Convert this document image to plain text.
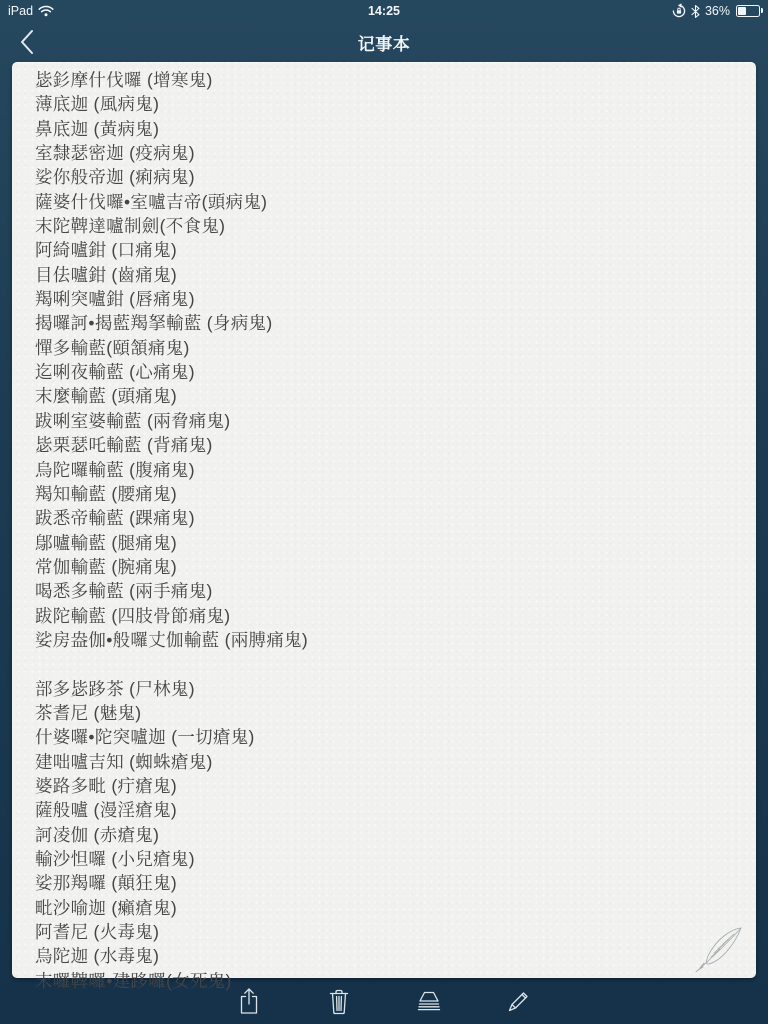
iPad	14:25	36%
记事本
毖釤摩什伐囉 (增寒鬼)
薄底迦 (風病鬼)
鼻底迦 (黃病鬼)
室隸瑟密迦 (疫病鬼)
娑你般帝迦 (痢病鬼)
薩婆什伐囉•室嚧吉帝(頭病鬼)
末陀鞞達嚧制劍(不食鬼)
阿綺嚧鉗 (口痛鬼)
目佉嚧鉗 (齒痛鬼)
羯唎突嚧鉗 (唇痛鬼)
揭囉訶•揭藍羯拏輸藍 (身病鬼)
憚多輸藍(頤頷痛鬼)
迄唎夜輸藍 (心痛鬼)
末麼輸藍 (頭痛鬼)
跋唎室婆輸藍 (兩脅痛鬼)
毖栗瑟吒輸藍 (背痛鬼)
烏陀囉輸藍 (腹痛鬼)
羯知輸藍 (腰痛鬼)
跋悉帝輸藍 (踝痛鬼)
鄔嚧輸藍 (腿痛鬼)
常伽輸藍 (腕痛鬼)
喝悉多輸藍 (兩手痛鬼)
跋陀輸藍 (四肢骨節痛鬼)
娑房盎伽•般囉丈伽輸藍 (兩膊痛鬼)
部多毖跢茶 (尸林鬼)
茶耆尼 (魅鬼)
什婆囉•陀突嚧迦 (一切瘡鬼)
建咄嚧吉知 (蜘蛛瘡鬼)
婆路多毗 (疔瘡鬼)
薩般嚧 (漫淫瘡鬼)
訶凌伽 (赤瘡鬼)
輸沙怛囉 (小兒瘡鬼)
娑那羯囉 (顛狂鬼)
毗沙喻迦 (癩瘡鬼)
阿耆尼 (火毒鬼)
烏陀迦 (水毒鬼)
末囉鞞囉•建跢囉(女死鬼)
